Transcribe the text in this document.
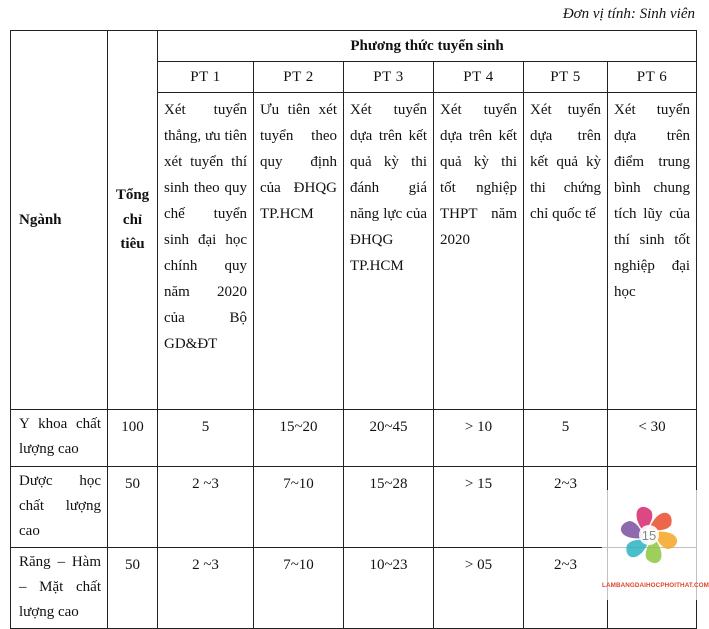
Đơn vị tính: Sinh viên
Ngành	Tổng chỉ tiêu	Phương thức tuyển sinh					
		PT 1	PT 2	PT 3	PT 4	PT 5	PT 6
		Xét tuyển thẳng, ưu tiên xét tuyển thí sinh theo quy chế tuyển sinh đại học chính quy năm 2020 của Bộ GD&ĐT	Ưu tiên xét tuyển theo quy định của ĐHQG TP.HCM	Xét tuyển dựa trên kết quả kỳ thi đánh giá năng lực của ĐHQG TP.HCM	Xét tuyển dựa trên kết quả kỳ thi tốt nghiệp THPT năm 2020	Xét tuyển dựa trên kết quả kỳ thi chứng chỉ quốc tế	Xét tuyển dựa trên điểm trung bình chung tích lũy của thí sinh tốt nghiệp đại học
Y khoa chất lượng cao	100	5	15~20	20~45	> 10	5	< 30
Dược học chất lượng cao	50	2 ~3	7~10	15~28	> 15	2~3	
Răng – Hàm – Mặt chất lượng cao	50	2 ~3	7~10	10~23	> 05	2~3	
15
LAMBANGDAIHOCPHOITHAT.COM
